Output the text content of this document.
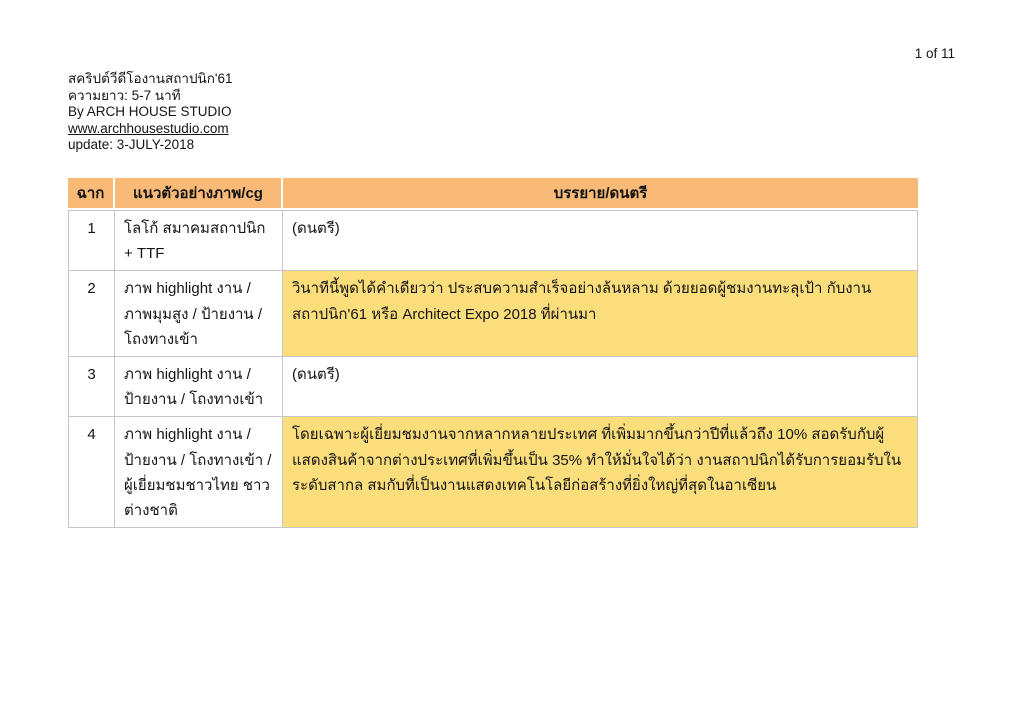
1 of 11
สคริปต์วีดีโองานสถาปนิก'61
ความยาว: 5-7 นาที
By ARCH HOUSE STUDIO
www.archhousestudio.com
update: 3-JULY-2018
ฉาก	แนวตัวอย่างภาพ/cg	บรรยาย/ดนตรี
1	โลโก้ สมาคมสถาปนิก + TTF	(ดนตรี)
2	ภาพ highlight งาน / ภาพมุมสูง / ป้ายงาน / โถงทางเข้า	วินาทีนี้พูดได้คำเดียวว่า ประสบความสำเร็จอย่างล้นหลาม ด้วยยอดผู้ชมงานทะลุเป้า กับงานสถาปนิก'61 หรือ Architect Expo 2018 ที่ผ่านมา
3	ภาพ highlight งาน / ป้ายงาน / โถงทางเข้า	(ดนตรี)
4	ภาพ highlight งาน / ป้ายงาน / โถงทางเข้า / ผู้เยี่ยมชมชาวไทย ชาวต่างชาติ	โดยเฉพาะผู้เยี่ยมชมงานจากหลากหลายประเทศ ที่เพิ่มมากขึ้นกว่าปีที่แล้วถึง 10% สอดรับกับผู้แสดงสินค้าจากต่างประเทศที่เพิ่มขึ้นเป็น 35% ทำให้มั่นใจได้ว่า งานสถาปนิกได้รับการยอมรับในระดับสากล สมกับที่เป็นงานแสดงเทคโนโลยีก่อสร้างที่ยิ่งใหญ่ที่สุดในอาเซียน
